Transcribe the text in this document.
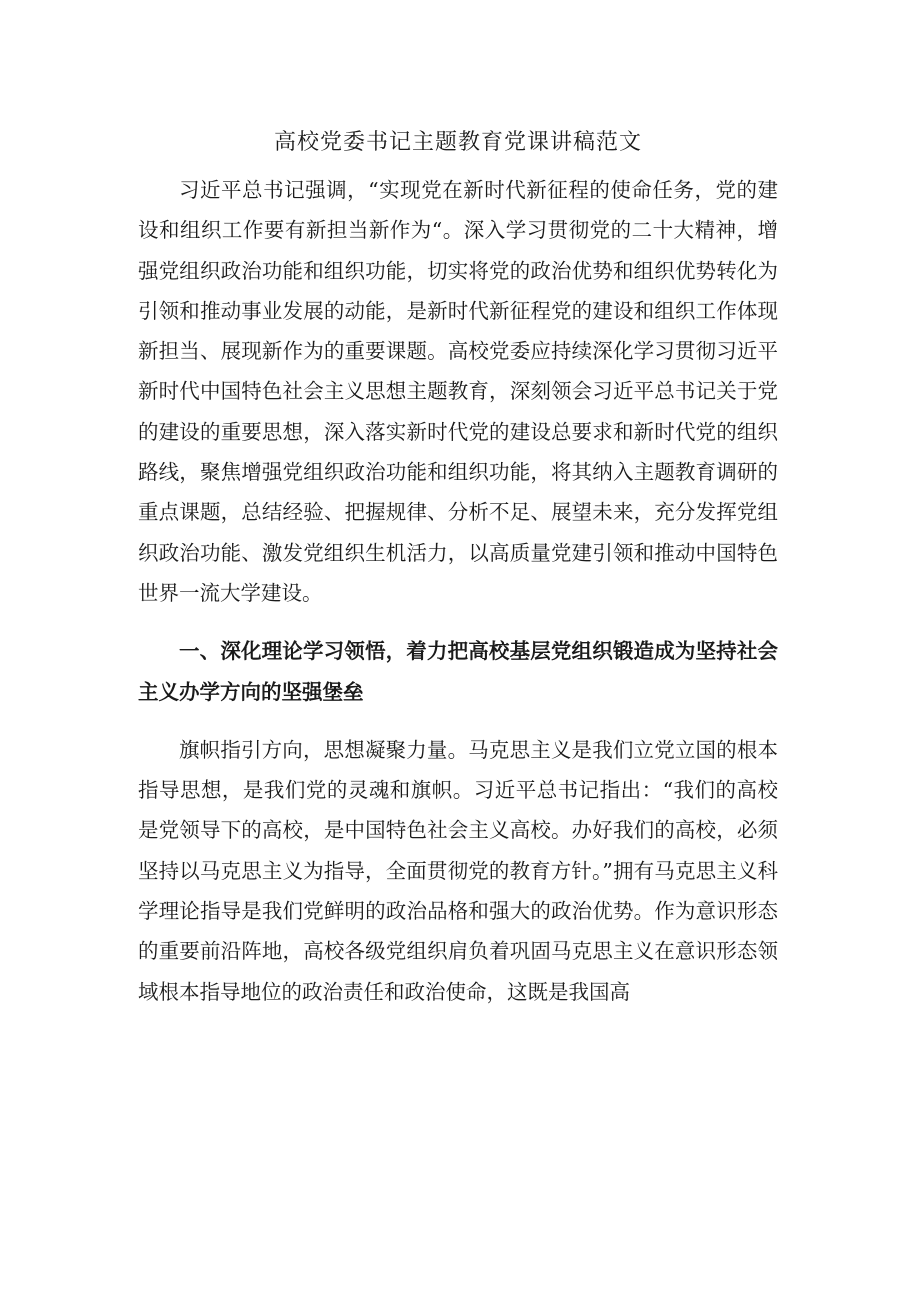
高校党委书记主题教育党课讲稿范文

习近平总书记强调，“实现党在新时代新征程的使命任务，党的建设和组织工作要有新担当新作为“。深入学习贯彻党的二十大精神，增强党组织政治功能和组织功能，切实将党的政治优势和组织优势转化为引领和推动事业发展的动能，是新时代新征程党的建设和组织工作体现新担当、展现新作为的重要课题。高校党委应持续深化学习贯彻习近平新时代中国特色社会主义思想主题教育，深刻领会习近平总书记关于党的建设的重要思想，深入落实新时代党的建设总要求和新时代党的组织路线，聚焦增强党组织政治功能和组织功能，将其纳入主题教育调研的重点课题，总结经验、把握规律、分析不足、展望未来，充分发挥党组织政治功能、激发党组织生机活力，以高质量党建引领和推动中国特色世界一流大学建设。

一、深化理论学习领悟，着力把高校基层党组织锻造成为坚持社会主义办学方向的坚强堡垒

旗帜指引方向，思想凝聚力量。马克思主义是我们立党立国的根本指导思想，是我们党的灵魂和旗帜。习近平总书记指出：“我们的高校是党领导下的高校，是中国特色社会主义高校。办好我们的高校，必须坚持以马克思主义为指导，全面贯彻党的教育方针。”拥有马克思主义科学理论指导是我们党鲜明的政治品格和强大的政治优势。作为意识形态的重要前沿阵地，高校各级党组织肩负着巩固马克思主义在意识形态领域根本指导地位的政治责任和政治使命，这既是我国高
